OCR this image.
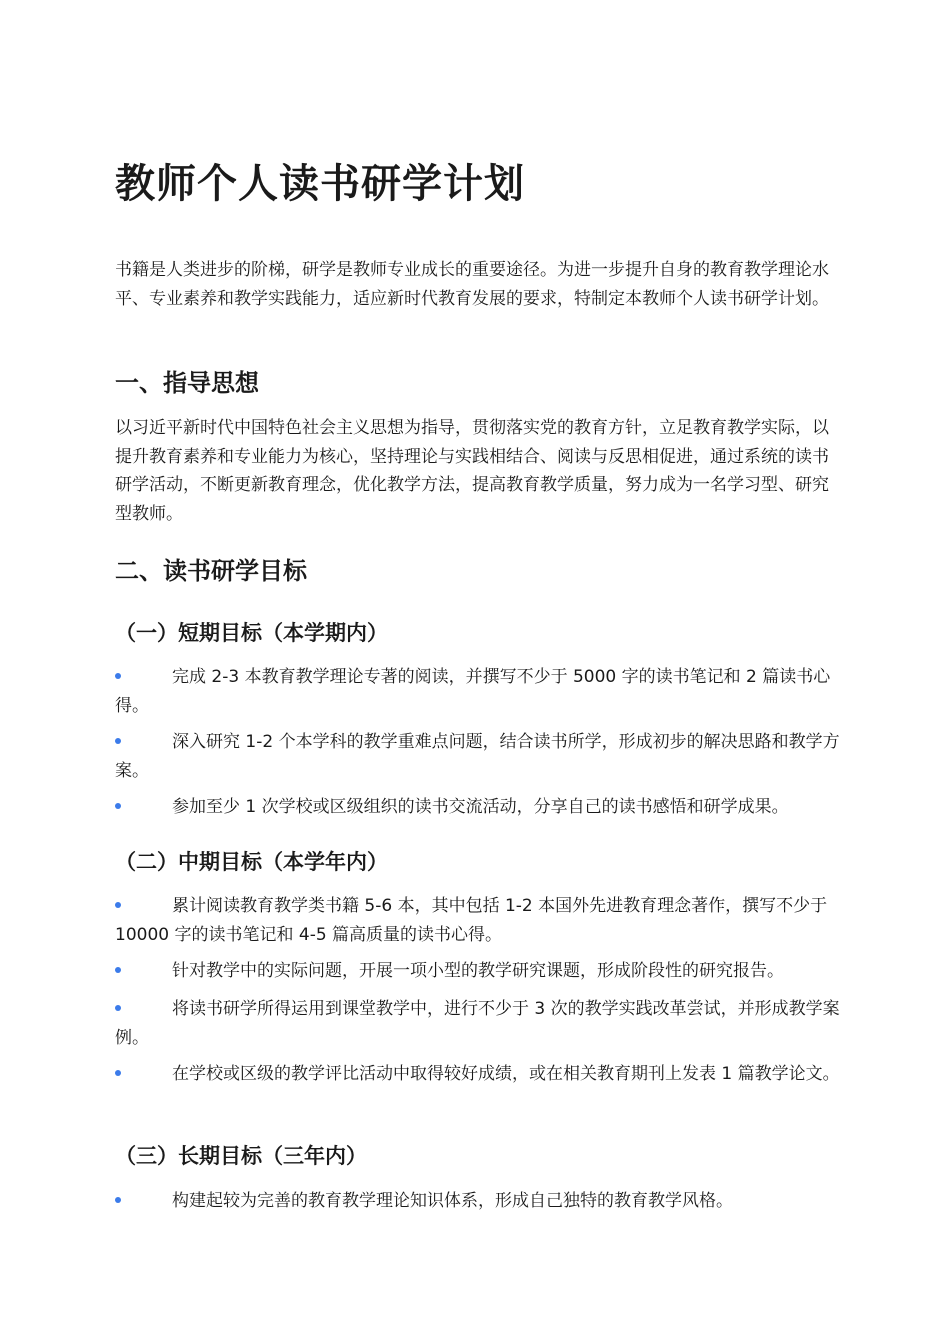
教师个人读书研学计划

书籍是人类进步的阶梯，研学是教师专业成长的重要途径。为进一步提升自身的教育教学理论水平、专业素养和教学实践能力，适应新时代教育发展的要求，特制定本教师个人读书研学计划。

一、指导思想

以习近平新时代中国特色社会主义思想为指导，贯彻落实党的教育方针，立足教育教学实际，以提升教育素养和专业能力为核心，坚持理论与实践相结合、阅读与反思相促进，通过系统的读书研学活动，不断更新教育理念，优化教学方法，提高教育教学质量，努力成为一名学习型、研究型教师。

二、读书研学目标
（一）短期目标（本学期内）
完成 2-3 本教育教学理论专著的阅读，并撰写不少于 5000 字的读书笔记和 2 篇读书心得。
深入研究 1-2 个本学科的教学重难点问题，结合读书所学，形成初步的解决思路和教学方案。
参加至少 1 次学校或区级组织的读书交流活动，分享自己的读书感悟和研学成果。
（二）中期目标（本学年内）
累计阅读教育教学类书籍 5-6 本，其中包括 1-2 本国外先进教育理念著作，撰写不少于 10000 字的读书笔记和 4-5 篇高质量的读书心得。
针对教学中的实际问题，开展一项小型的教学研究课题，形成阶段性的研究报告。
将读书研学所得运用到课堂教学中，进行不少于 3 次的教学实践改革尝试，并形成教学案例。
在学校或区级的教学评比活动中取得较好成绩，或在相关教育期刊上发表 1 篇教学论文。
（三）长期目标（三年内）
构建起较为完善的教育教学理论知识体系，形成自己独特的教育教学风格。
